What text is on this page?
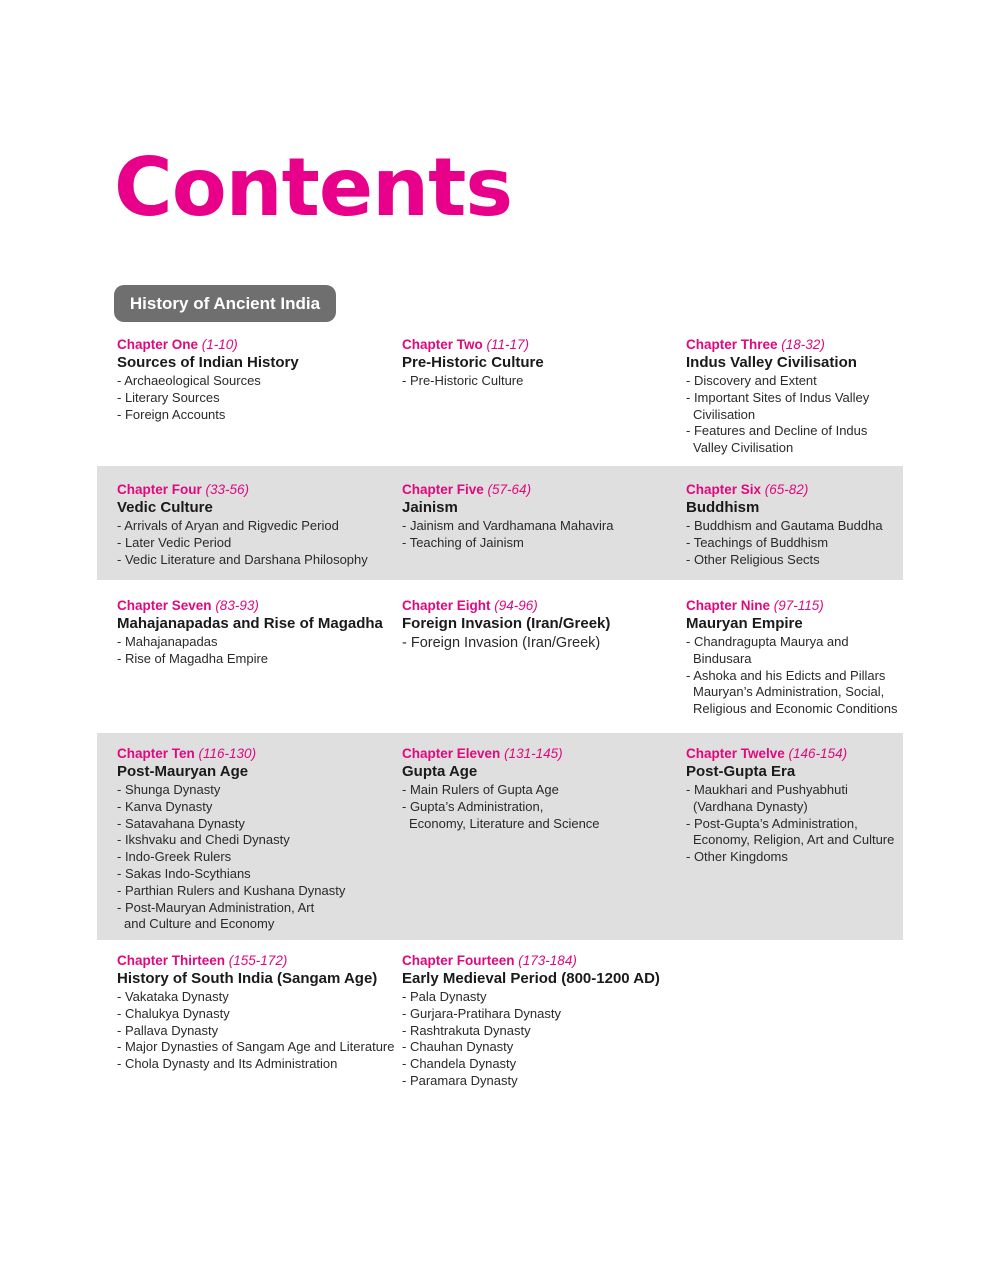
Contents
History of Ancient India
Chapter One (1-10)
Sources of Indian History
- Archaeological Sources
- Literary Sources
- Foreign Accounts
Chapter Two (11-17)
Pre-Historic Culture
- Pre-Historic Culture
Chapter Three (18-32)
Indus Valley Civilisation
- Discovery and Extent
- Important Sites of Indus Valley Civilisation
- Features and Decline of Indus Valley Civilisation
Chapter Four (33-56)
Vedic Culture
- Arrivals of Aryan and Rigvedic Period
- Later Vedic Period
- Vedic Literature and Darshana Philosophy
Chapter Five (57-64)
Jainism
- Jainism and Vardhamana Mahavira
- Teaching of Jainism
Chapter Six (65-82)
Buddhism
- Buddhism and Gautama Buddha
- Teachings of Buddhism
- Other Religious Sects
Chapter Seven (83-93)
Mahajanapadas and Rise of Magadha
- Mahajanapadas
- Rise of Magadha Empire
Chapter Eight (94-96)
Foreign Invasion (Iran/Greek)
- Foreign Invasion (Iran/Greek)
Chapter Nine (97-115)
Mauryan Empire
- Chandragupta Maurya and Bindusara
- Ashoka and his Edicts and Pillars Mauryan’s Administration, Social, Religious and Economic Conditions
Chapter Ten (116-130)
Post-Mauryan Age
- Shunga Dynasty
- Kanva Dynasty
- Satavahana Dynasty
- Ikshvaku and Chedi Dynasty
- Indo-Greek Rulers
- Sakas Indo-Scythians
- Parthian Rulers and Kushana Dynasty
- Post-Mauryan Administration, Art and Culture and Economy
Chapter Eleven (131-145)
Gupta Age
- Main Rulers of Gupta Age
- Gupta’s Administration, Economy, Literature and Science
Chapter Twelve (146-154)
Post-Gupta Era
- Maukhari and Pushyabhuti (Vardhana Dynasty)
- Post-Gupta’s Administration, Economy, Religion, Art and Culture
- Other Kingdoms
Chapter Thirteen (155-172)
History of South India (Sangam Age)
- Vakataka Dynasty
- Chalukya Dynasty
- Pallava Dynasty
- Major Dynasties of Sangam Age and Literature
- Chola Dynasty and Its Administration
Chapter Fourteen (173-184)
Early Medieval Period (800-1200 AD)
- Pala Dynasty
- Gurjara-Pratihara Dynasty
- Rashtrakuta Dynasty
- Chauhan Dynasty
- Chandela Dynasty
- Paramara Dynasty
